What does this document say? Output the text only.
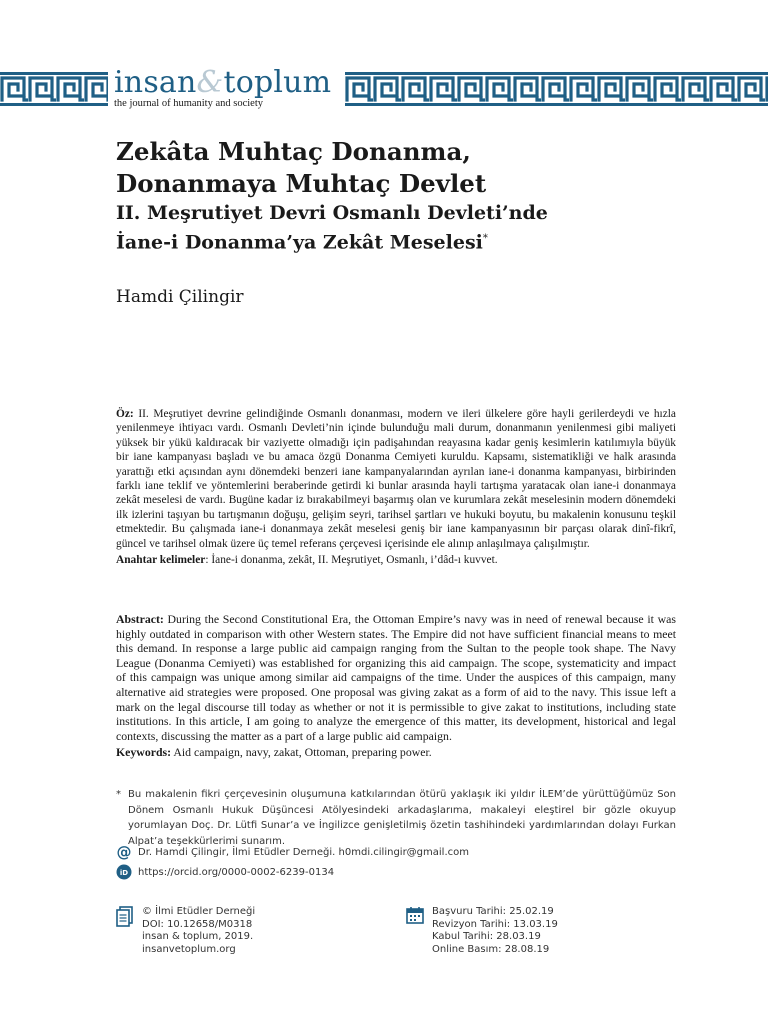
insan&toplum
the journal of humanity and society
Zekâta Muhtaç Donanma,
Donanmaya Muhtaç Devlet
II. Meşrutiyet Devri Osmanlı Devleti’nde
İane-i Donanma’ya Zekât Meselesi*
Hamdi Çilingir
Öz: II. Meşrutiyet devrine gelindiğinde Osmanlı donanması, modern ve ileri ülkelere göre hayli gerilerdeydi ve hızla yenilenmeye ihtiyacı vardı. Osmanlı Devleti’nin içinde bulunduğu mali durum, donanmanın yenilenmesi gibi maliyeti yüksek bir yükü kaldıracak bir vaziyette olmadığı için padişahından reayasına kadar geniş kesimlerin katılımıyla büyük bir iane kampanyası başladı ve bu amaca özgü Donanma Cemiyeti kuruldu. Kapsamı, sistematikliği ve halk arasında yarattığı etki açısından aynı dönemdeki benzeri iane kampanyalarından ayrılan iane-i donanma kampanyası, birbirinden farklı iane teklif ve yöntemlerini beraberinde getirdi ki bunlar arasında hayli tartışma yaratacak olan iane-i donanmaya zekât meselesi de vardı. Bugüne kadar iz bırakabilmeyi başarmış olan ve kurumlara zekât meselesinin modern dönemdeki ilk izlerini taşıyan bu tartışmanın doğuşu, gelişim seyri, tarihsel şartları ve hukuki boyutu, bu makalenin konusunu teşkil etmektedir. Bu çalışmada iane-i donanmaya zekât meselesi geniş bir iane kampanyasının bir parçası olarak dinî-fikrî, güncel ve tarihsel olmak üzere üç temel referans çerçevesi içerisinde ele alınıp anlaşılmaya çalışılmıştır.
Anahtar kelimeler: İane-i donanma, zekât, II. Meşrutiyet, Osmanlı, i’dâd-ı kuvvet.
Abstract: During the Second Constitutional Era, the Ottoman Empire’s navy was in need of renewal because it was highly outdated in comparison with other Western states. The Empire did not have sufficient financial means to meet this demand. In response a large public aid campaign ranging from the Sultan to the people took shape. The Navy League (Donanma Cemiyeti) was established for organizing this aid campaign. The scope, systematicity and impact of this campaign was unique among similar aid campaigns of the time. Under the auspices of this campaign, many alternative aid strategies were proposed. One proposal was giving zakat as a form of aid to the navy. This issue left a mark on the legal discourse till today as whether or not it is permissible to give zakat to institutions, including state institutions. In this article, I am going to analyze the emergence of this matter, its development, historical and legal contexts, discussing the matter as a part of a large public aid campaign.
Keywords: Aid campaign, navy, zakat, Ottoman, preparing power.
* Bu makalenin fikri çerçevesinin oluşumuna katkılarından ötürü yaklaşık iki yıldır İLEM’de yürüttüğümüz Son Dönem Osmanlı Hukuk Düşüncesi Atölyesindeki arkadaşlarıma, makaleyi eleştirel bir gözle okuyup yorumlayan Doç. Dr. Lütfi Sunar’a ve İngilizce genişletilmiş özetin tashihindeki yardımlarından dolayı Furkan Alpat’a teşekkürlerimi sunarım.
@ Dr. Hamdi Çilingir, İlmi Etüdler Derneği. h0mdi.cilingir@gmail.com
iD https://orcid.org/0000-0002-6239-0134
© İlmi Etüdler Derneği
DOI: 10.12658/M0318
insan & toplum, 2019.
insanvetoplum.org
Başvuru Tarihi: 25.02.19
Revizyon Tarihi: 13.03.19
Kabul Tarihi: 28.03.19
Online Basım: 28.08.19
